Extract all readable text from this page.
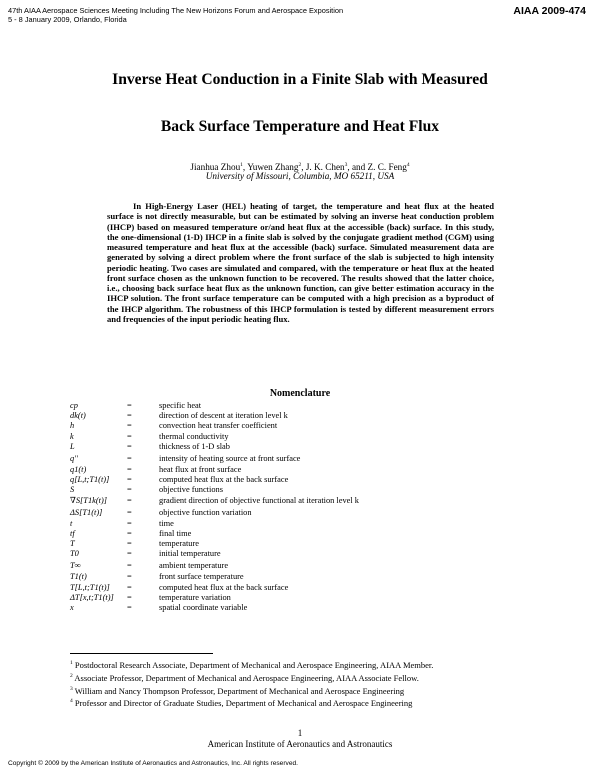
47th AIAA Aerospace Sciences Meeting Including The New Horizons Forum and Aerospace Exposition
5 - 8 January 2009, Orlando, Florida
AIAA 2009-474
Inverse Heat Conduction in a Finite Slab with Measured
Back Surface Temperature and Heat Flux
Jianhua Zhou$^1$, Yuwen Zhang$^2$, J. K. Chen$^3$, and Z. C. Feng$^4$
University of Missouri, Columbia, MO 65211, USA

In High-Energy Laser (HEL) heating of target, the temperature and heat flux at the heated surface is not directly measurable, but can be estimated by solving an inverse heat conduction problem (IHCP) based on measured temperature or/and heat flux at the accessible (back) surface. In this study, the one-dimensional (1-D) IHCP in a finite slab is solved by the conjugate gradient method (CGM) using measured temperature and heat flux at the accessible (back) surface. Simulated measurement data are generated by solving a direct problem where the front surface of the slab is subjected to high intensity periodic heating. Two cases are simulated and compared, with the temperature or heat flux at the heated front surface chosen as the unknown function to be recovered. The results showed that the latter choice, i.e., choosing back surface heat flux as the unknown function, can give better estimation accuracy in the IHCP solution. The front surface temperature can be computed with a high precision as a byproduct of the IHCP algorithm. The robustness of this IHCP formulation is tested by different measurement errors and frequencies of the input periodic heating flux.

Nomenclature
cp	=	specific heat
dk(t)	=	direction of descent at iteration level k
h	=	convection heat transfer coefficient
k	=	thermal conductivity
L	=	thickness of 1-D slab
q''	=	intensity of heating source at front surface
q1(t)	=	heat flux at front surface
q[L,t;T1(t)] =	computed heat flux at the back surface
S	=	objective functions
∇S[T1k(t)] =	gradient direction of objective functional at iteration level k
ΔS[T1(t)]	=	objective function variation
t	=	time
tf	=	final time
T	=	temperature
T0	=	initial temperature
T∞	=	ambient temperature
T1(t)	=	front surface temperature
T[L,t;T1(t)] =	computed heat flux at the back surface
ΔT[x,t;T1(t)] =	temperature variation
x	=	spatial coordinate variable
$^1$ Postdoctoral Research Associate, Department of Mechanical and Aerospace Engineering, AIAA Member.
$^2$ Associate Professor, Department of Mechanical and Aerospace Engineering, AIAA Associate Fellow.
$^3$ William and Nancy Thompson Professor, Department of Mechanical and Aerospace Engineering
$^4$ Professor and Director of Graduate Studies, Department of Mechanical and Aerospace Engineering
1
American Institute of Aeronautics and Astronautics
Copyright © 2009 by the American Institute of Aeronautics and Astronautics, Inc. All rights reserved.
